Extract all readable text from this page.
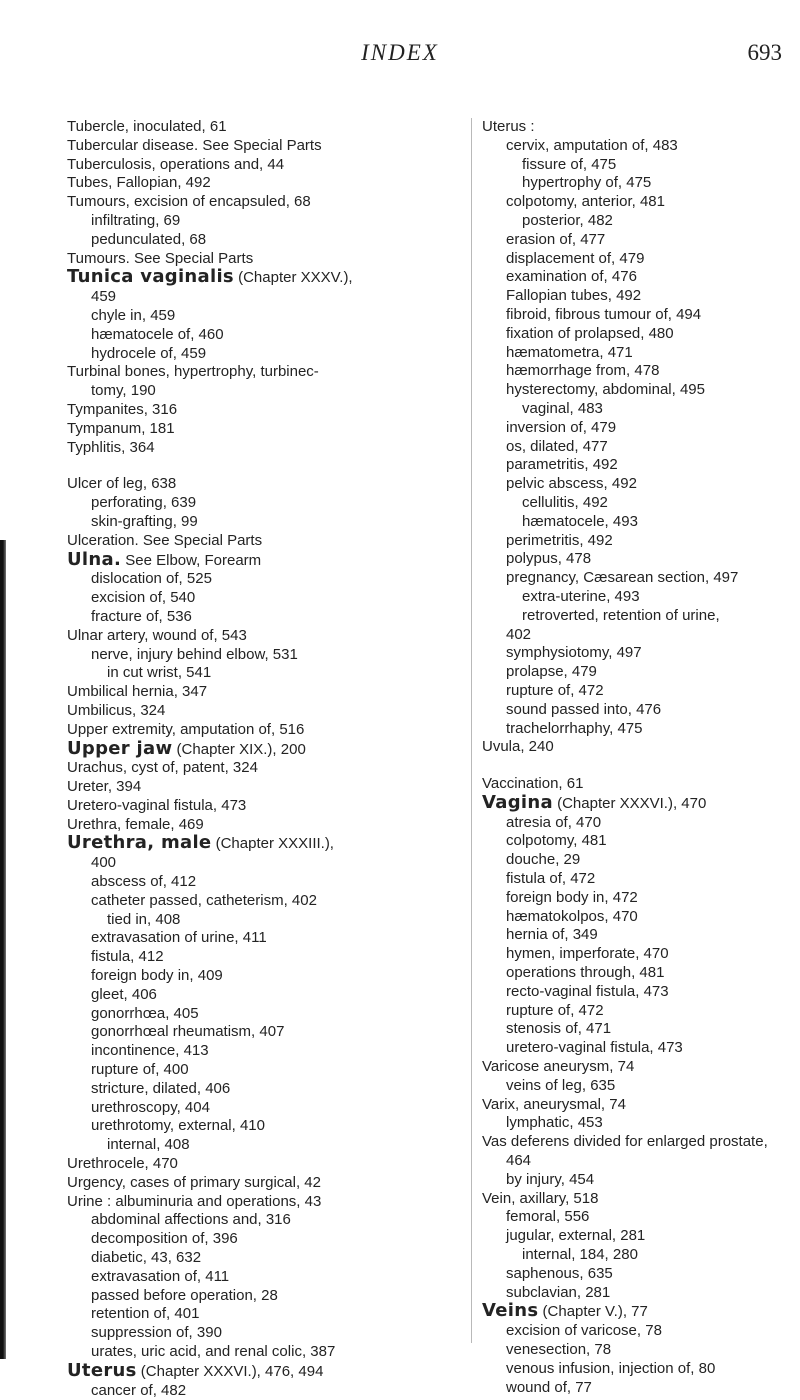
INDEX	693
Tubercle, inoculated, 61
Tubercular disease. See Special Parts
Tuberculosis, operations and, 44
Tubes, Fallopian, 492
Tumours, excision of encapsuled, 68
infiltrating, 69
pedunculated, 68
Tumours. See Special Parts
Tunica vaginalis (Chapter XXXV.),
459
chyle in, 459
hæmatocele of, 460
hydrocele of, 459
Turbinal bones, hypertrophy, turbinec-
tomy, 190
Tympanites, 316
Tympanum, 181
Typhlitis, 364
Ulcer of leg, 638
perforating, 639
skin-grafting, 99
Ulceration. See Special Parts
Ulna. See Elbow, Forearm
dislocation of, 525
excision of, 540
fracture of, 536
Ulnar artery, wound of, 543
nerve, injury behind elbow, 531
in cut wrist, 541
Umbilical hernia, 347
Umbilicus, 324
Upper extremity, amputation of, 516
Upper jaw (Chapter XIX.), 200
Urachus, cyst of, patent, 324
Ureter, 394
Uretero-vaginal fistula, 473
Urethra, female, 469
Urethra, male (Chapter XXXIII.),
400
abscess of, 412
catheter passed, catheterism, 402
tied in, 408
extravasation of urine, 411
fistula, 412
foreign body in, 409
gleet, 406
gonorrhœa, 405
gonorrhœal rheumatism, 407
incontinence, 413
rupture of, 400
stricture, dilated, 406
urethroscopy, 404
urethrotomy, external, 410
internal, 408
Urethrocele, 470
Urgency, cases of primary surgical, 42
Urine : albuminuria and operations, 43
abdominal affections and, 316
decomposition of, 396
diabetic, 43, 632
extravasation of, 411
passed before operation, 28
retention of, 401
suppression of, 390
urates, uric acid, and renal colic, 387
Uterus (Chapter XXXVI.), 476, 494
cancer of, 482
Uterus :
cervix, amputation of, 483
fissure of, 475
hypertrophy of, 475
colpotomy, anterior, 481
posterior, 482
erasion of, 477
displacement of, 479
examination of, 476
Fallopian tubes, 492
fibroid, fibrous tumour of, 494
fixation of prolapsed, 480
hæmatometra, 471
hæmorrhage from, 478
hysterectomy, abdominal, 495
vaginal, 483
inversion of, 479
os, dilated, 477
parametritis, 492
pelvic abscess, 492
cellulitis, 492
hæmatocele, 493
perimetritis, 492
polypus, 478
pregnancy, Cæsarean section, 497
extra-uterine, 493
retroverted, retention of urine,
402
symphysiotomy, 497
prolapse, 479
rupture of, 472
sound passed into, 476
trachelorrhaphy, 475
Uvula, 240
Vaccination, 61
Vagina (Chapter XXXVI.), 470
atresia of, 470
colpotomy, 481
douche, 29
fistula of, 472
foreign body in, 472
hæmatokolpos, 470
hernia of, 349
hymen, imperforate, 470
operations through, 481
recto-vaginal fistula, 473
rupture of, 472
stenosis of, 471
uretero-vaginal fistula, 473
Varicose aneurysm, 74
veins of leg, 635
Varix, aneurysmal, 74
lymphatic, 453
Vas deferens divided for enlarged prostate,
464
by injury, 454
Vein, axillary, 518
femoral, 556
jugular, external, 281
internal, 184, 280
saphenous, 635
subclavian, 281
Veins (Chapter V.), 77
excision of varicose, 78
venesection, 78
venous infusion, injection of, 80
wound of, 77
